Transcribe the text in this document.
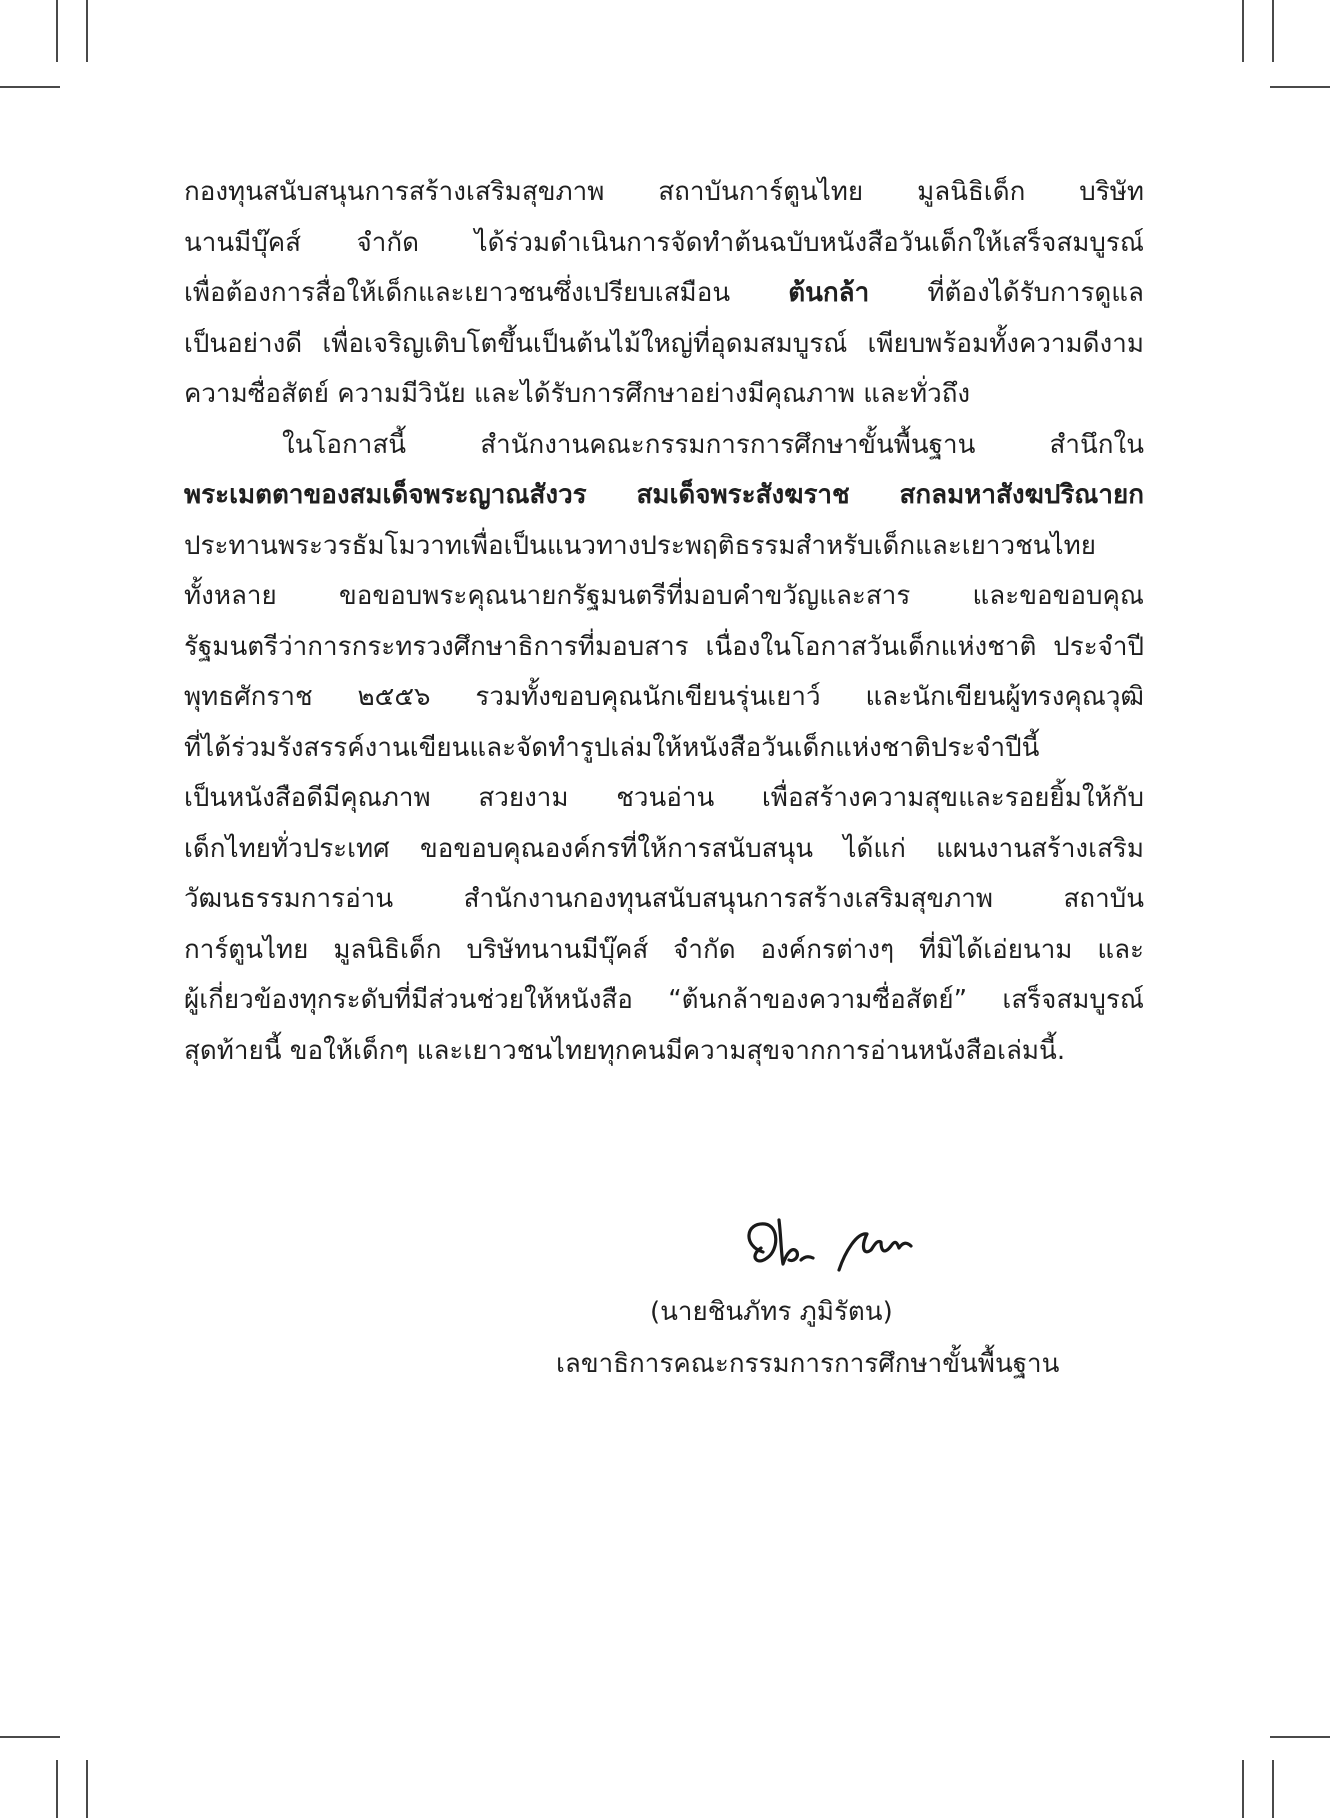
กองทุนสนับสนุนการสร้างเสริมสุขภาพ สถาบันการ์ตูนไทย มูลนิธิเด็ก บริษัท
นานมีบุ๊คส์ จำกัด ได้ร่วมดำเนินการจัดทำต้นฉบับหนังสือวันเด็กให้เสร็จสมบูรณ์
เพื่อต้องการสื่อให้เด็กและเยาวชนซึ่งเปรียบเสมือน ต้นกล้า ที่ต้องได้รับการดูแล
เป็นอย่างดี เพื่อเจริญเติบโตขึ้นเป็นต้นไม้ใหญ่ที่อุดมสมบูรณ์ เพียบพร้อมทั้งความดีงาม
ความซื่อสัตย์ ความมีวินัย และได้รับการศึกษาอย่างมีคุณภาพ และทั่วถึง
ในโอกาสนี้ สำนักงานคณะกรรมการการศึกษาขั้นพื้นฐาน สำนึกใน
พระเมตตาของสมเด็จพระญาณสังวร สมเด็จพระสังฆราช สกลมหาสังฆปริณายก
ประทานพระวรธัมโมวาทเพื่อเป็นแนวทางประพฤติธรรมสำหรับเด็กและเยาวชนไทย
ทั้งหลาย ขอขอบพระคุณนายกรัฐมนตรีที่มอบคำขวัญและสาร และขอขอบคุณ
รัฐมนตรีว่าการกระทรวงศึกษาธิการที่มอบสาร เนื่องในโอกาสวันเด็กแห่งชาติ ประจำปี
พุทธศักราช ๒๕๕๖ รวมทั้งขอบคุณนักเขียนรุ่นเยาว์ และนักเขียนผู้ทรงคุณวุฒิ
ที่ได้ร่วมรังสรรค์งานเขียนและจัดทำรูปเล่มให้หนังสือวันเด็กแห่งชาติประจำปีนี้
เป็นหนังสือดีมีคุณภาพ สวยงาม ชวนอ่าน เพื่อสร้างความสุขและรอยยิ้มให้กับ
เด็กไทยทั่วประเทศ ขอขอบคุณองค์กรที่ให้การสนับสนุน ได้แก่ แผนงานสร้างเสริม
วัฒนธรรมการอ่าน สำนักงานกองทุนสนับสนุนการสร้างเสริมสุขภาพ สถาบัน
การ์ตูนไทย มูลนิธิเด็ก บริษัทนานมีบุ๊คส์ จำกัด องค์กรต่างๆ ที่มิได้เอ่ยนาม และ
ผู้เกี่ยวข้องทุกระดับที่มีส่วนช่วยให้หนังสือ “ต้นกล้าของความซื่อสัตย์” เสร็จสมบูรณ์
สุดท้ายนี้ ขอให้เด็กๆ และเยาวชนไทยทุกคนมีความสุขจากการอ่านหนังสือเล่มนี้.
(นายชินภัทร ภูมิรัตน)
เลขาธิการคณะกรรมการการศึกษาขั้นพื้นฐาน
